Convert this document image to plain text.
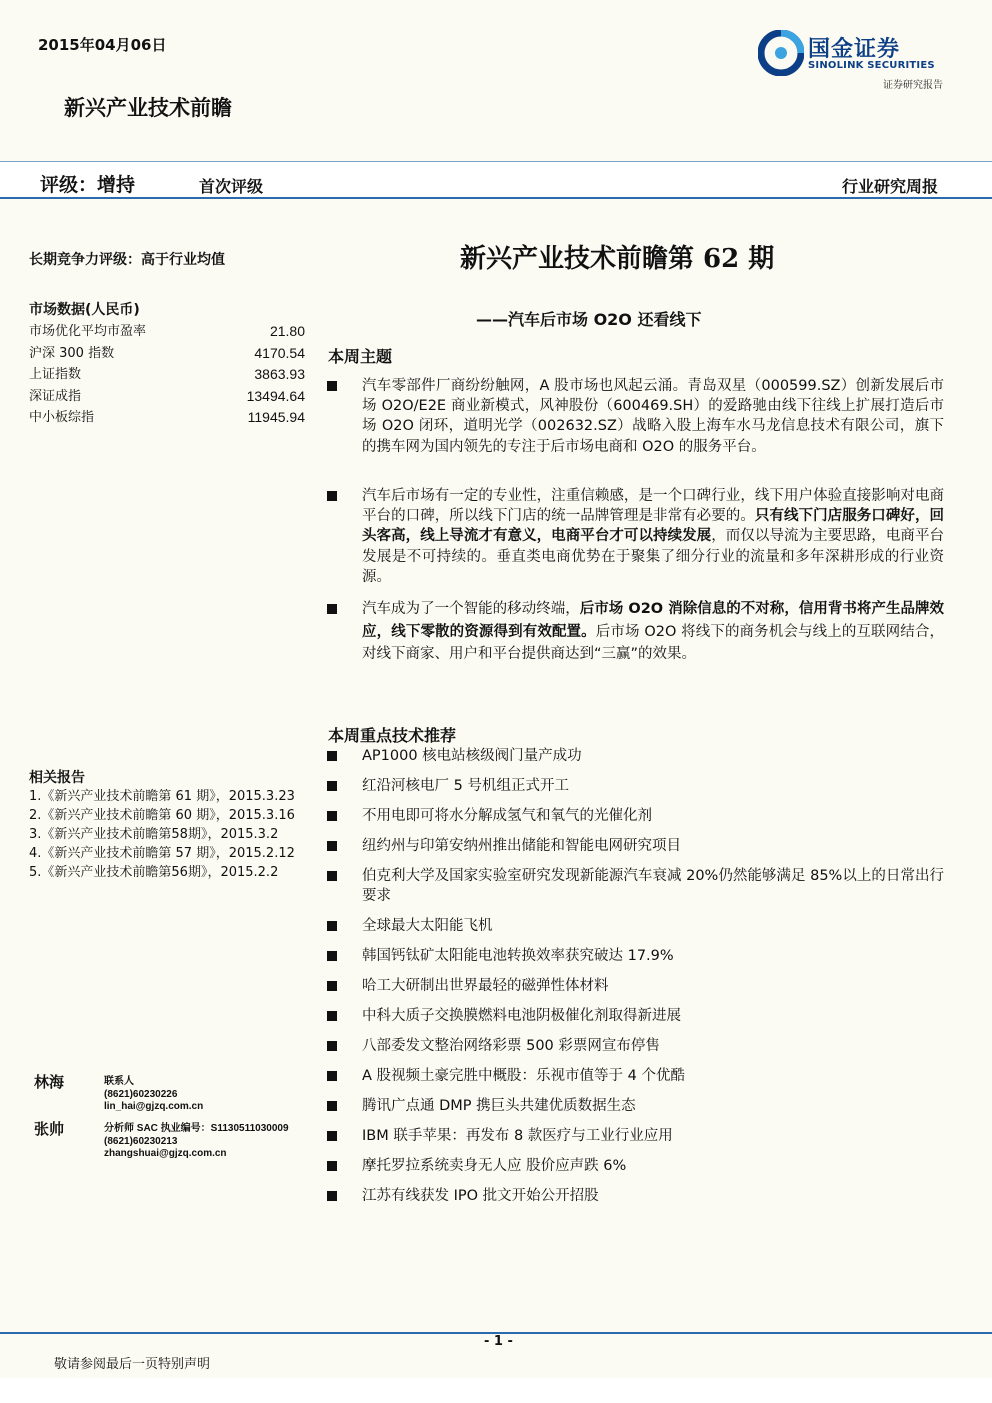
2015年04月06日
新兴产业技术前瞻
国金证券
SINOLINK SECURITIES
证券研究报告
评级：增持	首次评级	行业研究周报
长期竞争力评级：高于行业均值
市场数据(人民币)
市场优化平均市盈率	21.80
沪深 300 指数	4170.54
上证指数	3863.93
深证成指	13494.64
中小板综指	11945.94
相关报告
1.《新兴产业技术前瞻第 61 期》，2015.3.23
2.《新兴产业技术前瞻第 60 期》，2015.3.16
3.《新兴产业技术前瞻第58期》，2015.3.2
4.《新兴产业技术前瞻第 57 期》，2015.2.12
5.《新兴产业技术前瞻第56期》，2015.2.2
林海	联系人
(8621)60230226
lin_hai@gjzq.com.cn
张帅	分析师 SAC 执业编号：S1130511030009
(8621)60230213
zhangshuai@gjzq.com.cn
新兴产业技术前瞻第 62 期
——汽车后市场 O2O 还看线下
本周主题
汽车零部件厂商纷纷触网，A 股市场也风起云涌。青岛双星（000599.SZ）创新发展后市场 O2O/E2E 商业新模式，风神股份（600469.SH）的爱路驰由线下往线上扩展打造后市场 O2O 闭环，道明光学（002632.SZ）战略入股上海车水马龙信息技术有限公司，旗下的携车网为国内领先的专注于后市场电商和 O2O 的服务平台。
汽车后市场有一定的专业性，注重信赖感，是一个口碑行业，线下用户体验直接影响对电商平台的口碑，所以线下门店的统一品牌管理是非常有必要的。只有线下门店服务口碑好，回头客高，线上导流才有意义，电商平台才可以持续发展，而仅以导流为主要思路，电商平台发展是不可持续的。垂直类电商优势在于聚集了细分行业的流量和多年深耕形成的行业资源。
汽车成为了一个智能的移动终端，后市场 O2O 消除信息的不对称，信用背书将产生品牌效应，线下零散的资源得到有效配置。后市场 O2O 将线下的商务机会与线上的互联网结合，对线下商家、用户和平台提供商达到“三赢”的效果。
本周重点技术推荐
AP1000 核电站核级阀门量产成功
红沿河核电厂 5 号机组正式开工
不用电即可将水分解成氢气和氧气的光催化剂
纽约州与印第安纳州推出储能和智能电网研究项目
伯克利大学及国家实验室研究发现新能源汽车衰减 20%仍然能够满足 85%以上的日常出行要求
全球最大太阳能飞机
韩国钙钛矿太阳能电池转换效率获究破达 17.9%
哈工大研制出世界最轻的磁弹性体材料
中科大质子交换膜燃料电池阴极催化剂取得新进展
八部委发文整治网络彩票 500 彩票网宣布停售
A 股视频土豪完胜中概股：乐视市值等于 4 个优酷
腾讯广点通 DMP 携巨头共建优质数据生态
IBM 联手苹果：再发布 8 款医疗与工业行业应用
摩托罗拉系统卖身无人应 股价应声跌 6%
江苏有线获发 IPO 批文开始公开招股
- 1 -
敬请参阅最后一页特别声明
